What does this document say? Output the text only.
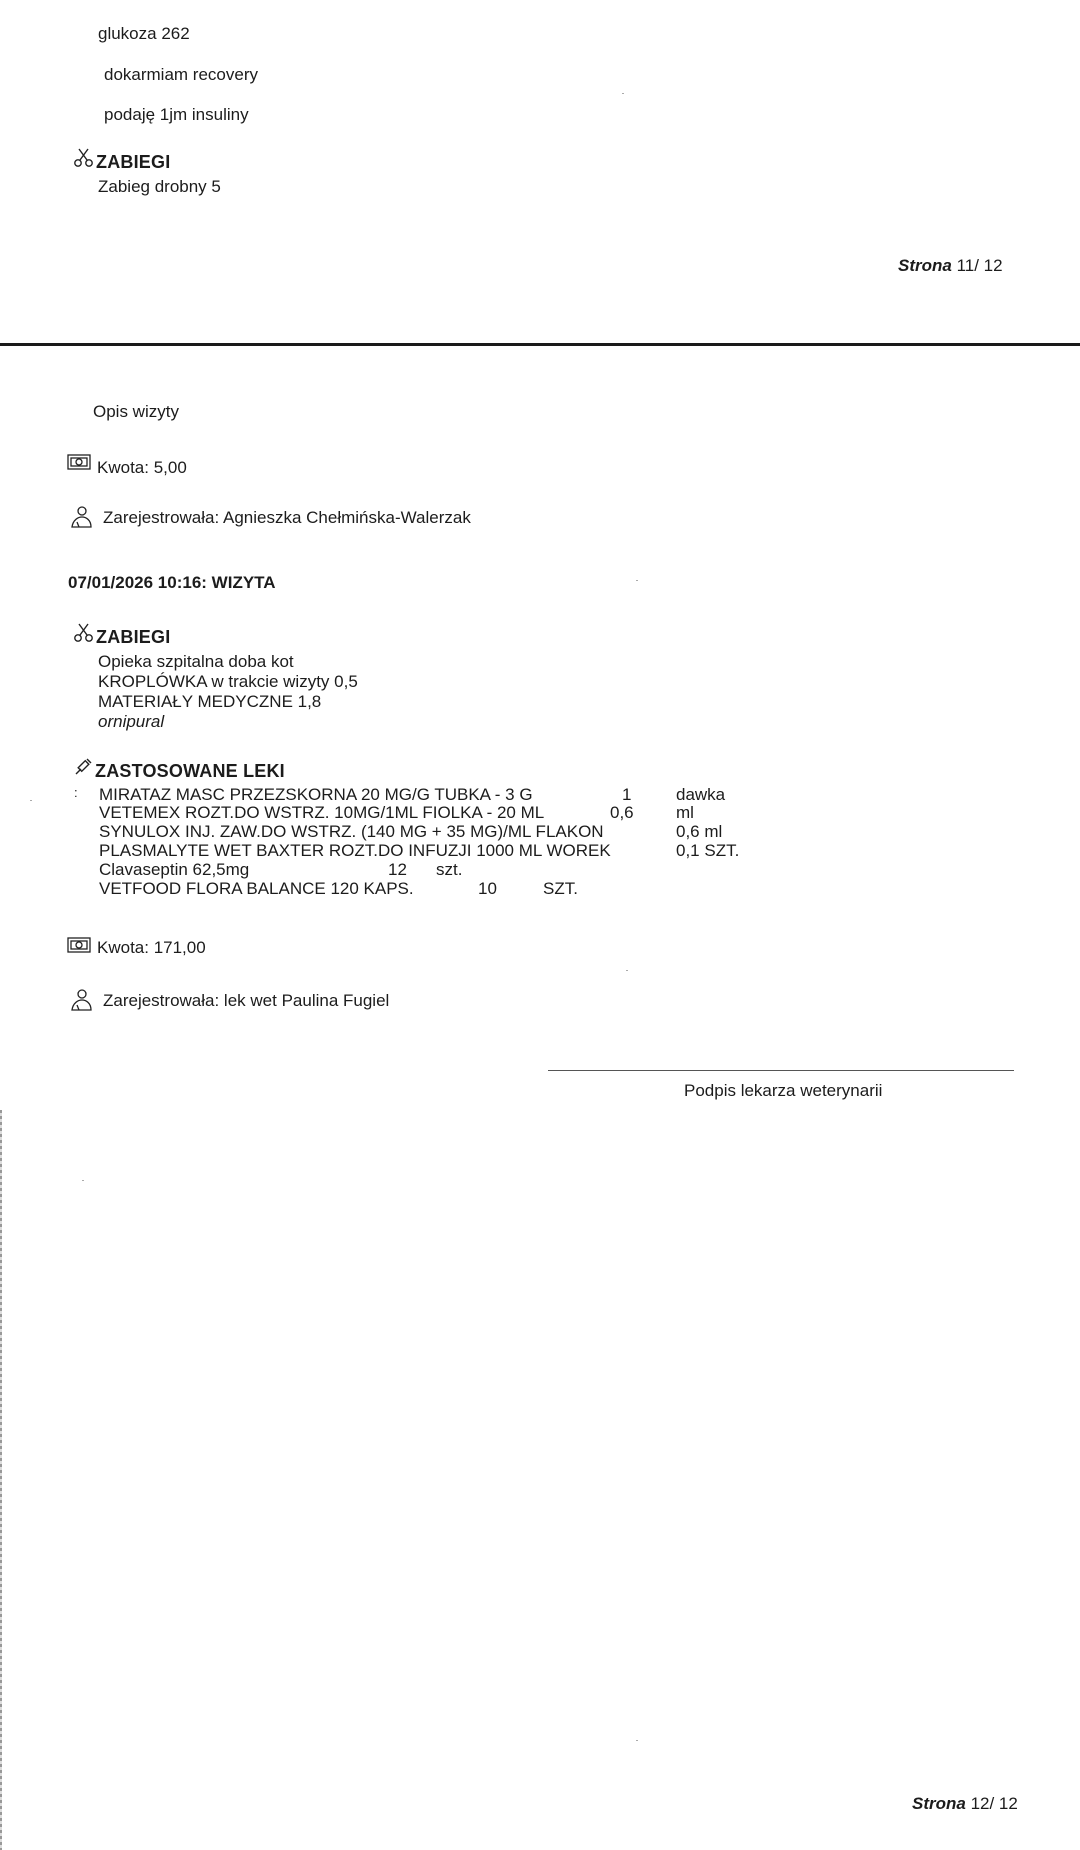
glukoza 262
dokarmiam recovery
podaję 1jm insuliny
ZABIEGI
Zabieg drobny 5
Strona 11/ 12
Opis wizyty
Kwota: 5,00
Zarejestrowała: Agnieszka Chełmińska-Walerzak
07/01/2026 10:16: WIZYTA
ZABIEGI
Opieka szpitalna doba kot
KROPLÓWKA w trakcie wizyty 0,5
MATERIAŁY MEDYCZNE 1,8
ornipural
ZASTOSOWANE LEKI
: MIRATAZ MASC PRZEZSKORNA 20 MG/G TUBKA - 3 G	1	dawka
VETEMEX ROZT.DO WSTRZ. 10MG/1ML FIOLKA - 20 ML	0,6 ml
SYNULOX INJ. ZAW.DO WSTRZ. (140 MG + 35 MG)/ML FLAKON	0,6 ml
PLASMALYTE WET BAXTER ROZT.DO INFUZJI 1000 ML WOREK	0,1 SZT.
Clavaseptin 62,5mg	12 szt.
VETFOOD FLORA BALANCE 120 KAPS.	10	SZT.
Kwota: 171,00
Zarejestrowała: lek wet Paulina Fugiel
Podpis lekarza weterynarii
Strona 12/ 12
